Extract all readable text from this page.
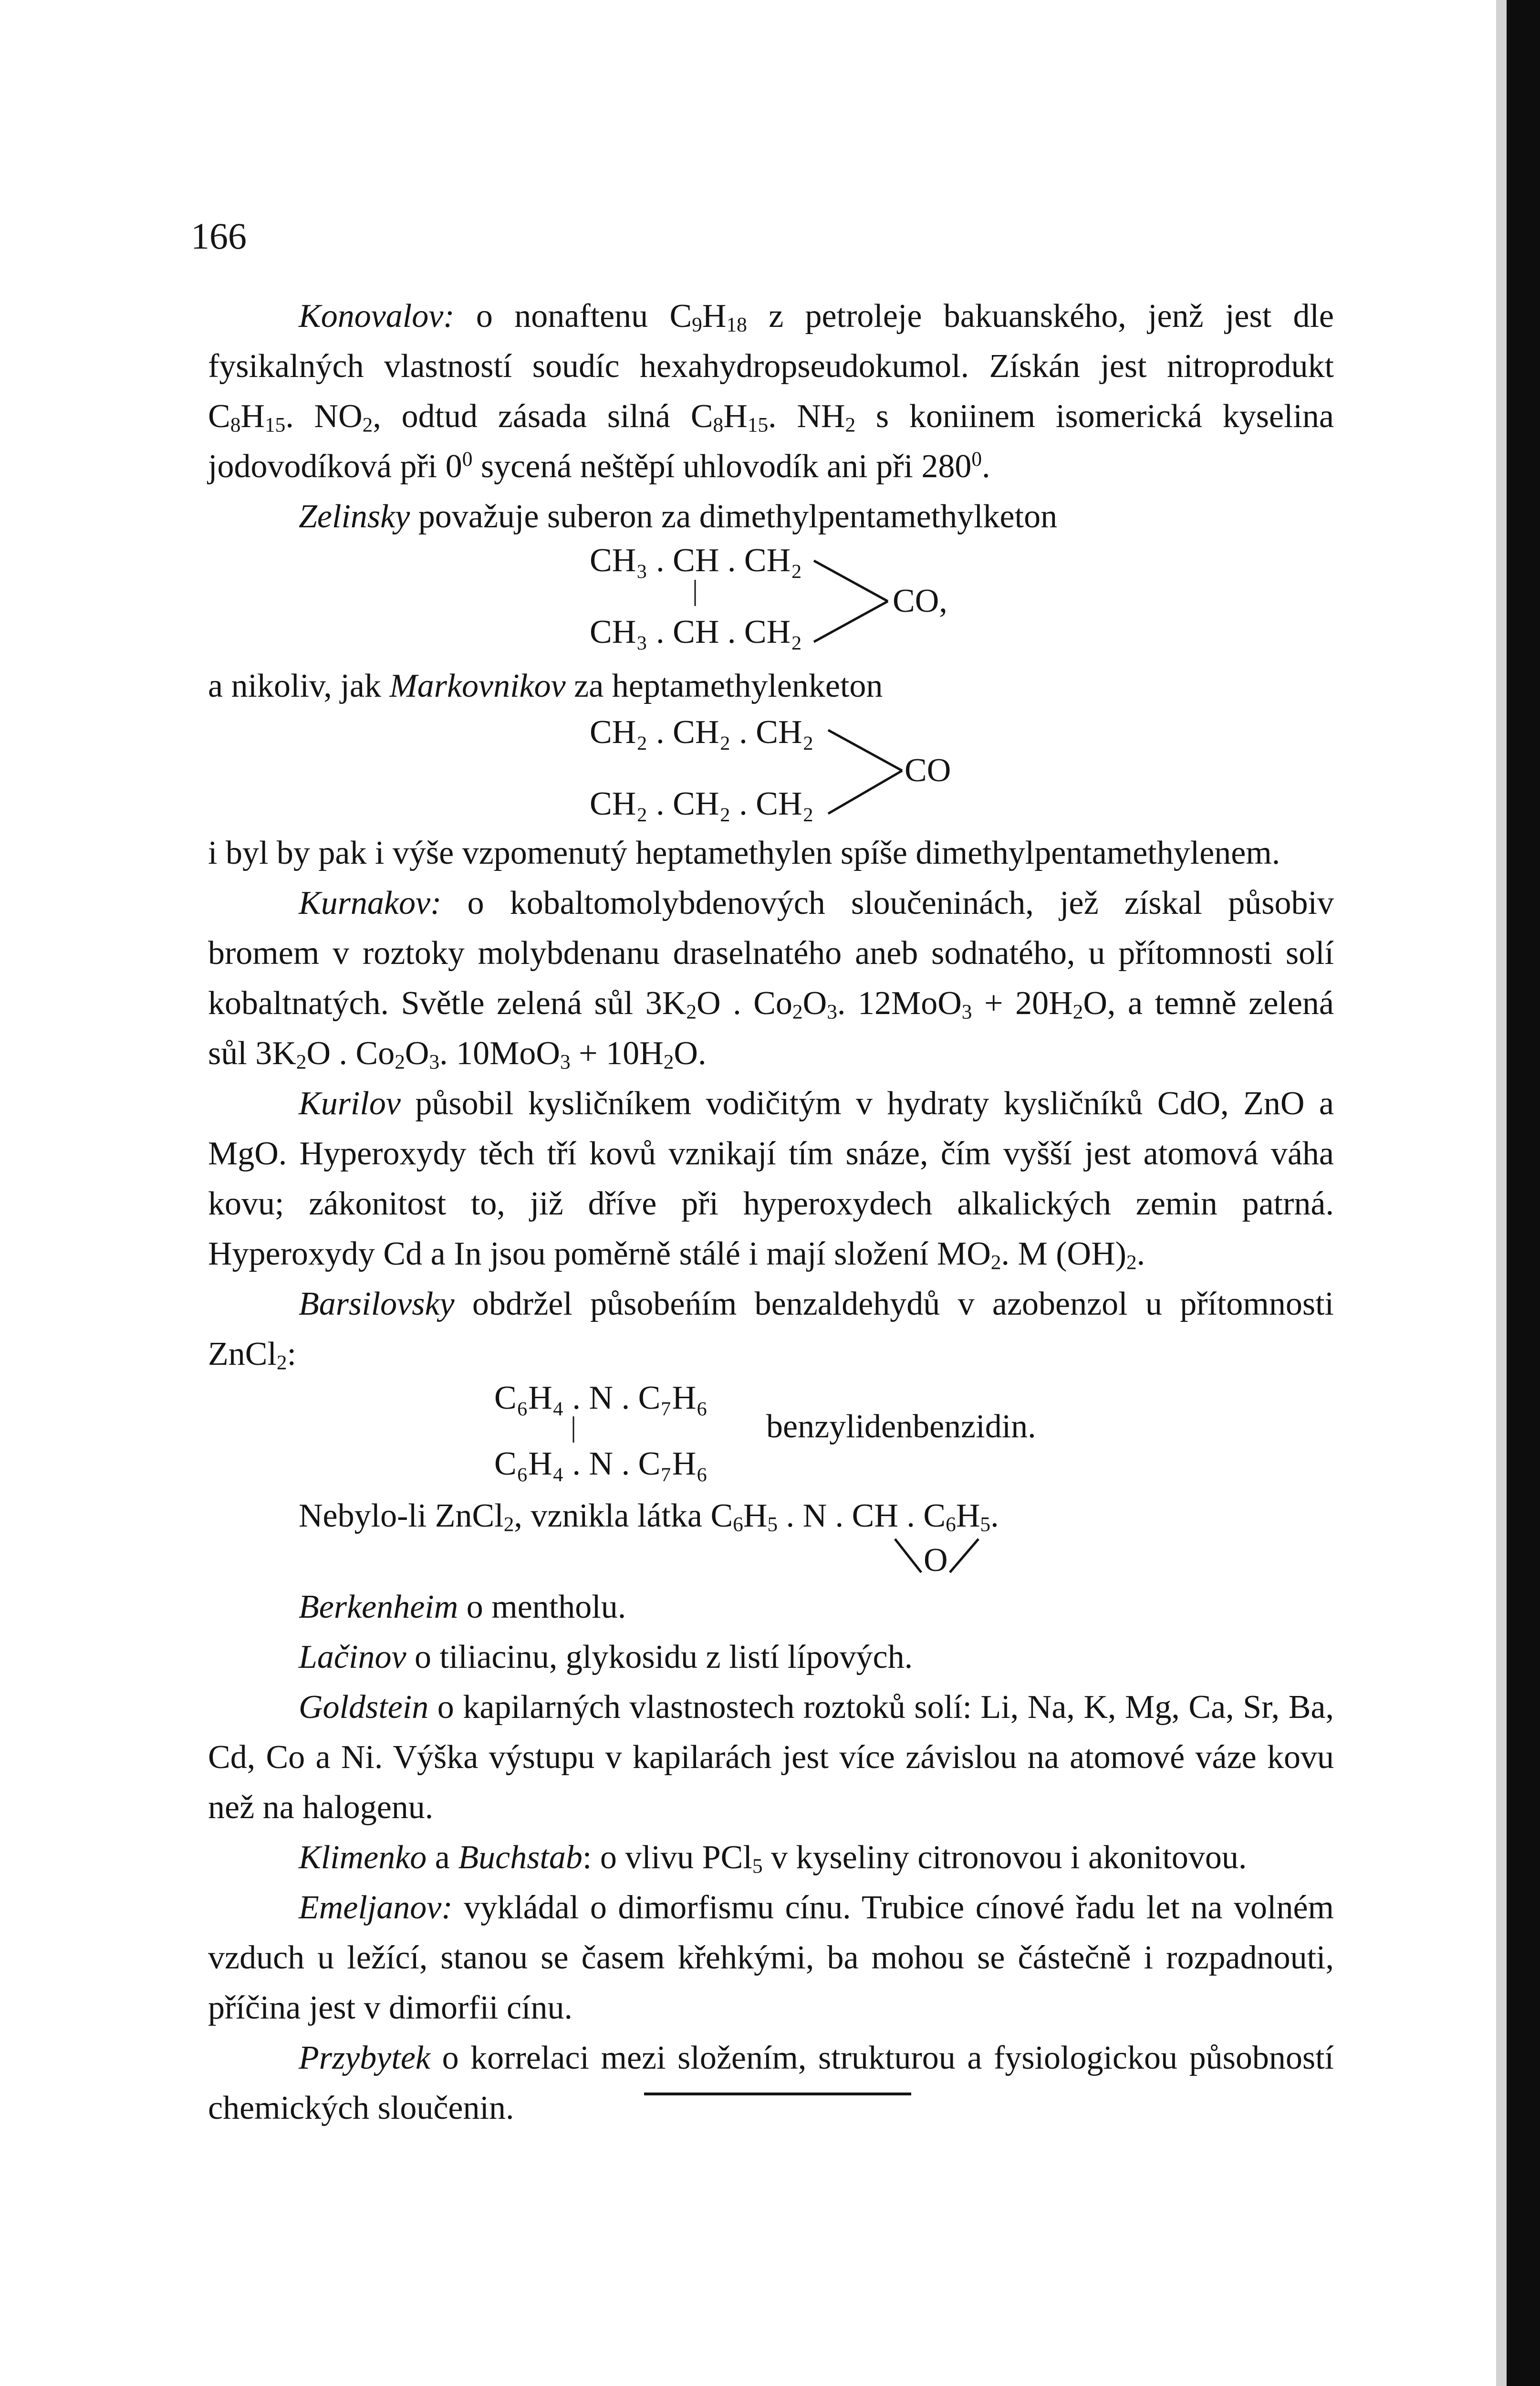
166

Konovalov: o nonaftenu $C_9H_{18}$ z petroleje bakuanského, jenž jest dle fysikalných vlastností soudíc hexahydropseudokumol. Získán jest nitroprodukt $C_8H_{15}$. $NO_2$, odtud zásada silná $C_8H_{15}$. $NH_2$ s koniinem isomerická kyselina jodovodíková při $0^0$ sycená neštěpí uhlovodík ani při $280^0$.

Zelinsky považuje suberon za dimethylpentamethylketon

CH₃ . CH . CH₂
|
CH₃ . CH . CH₂
CO,

a nikoliv, jak Markovnikov za heptamethylenketon

CH₂ . CH₂ . CH₂
CH₂ . CH₂ . CH₂
CO

i byl by pak i výše vzpomenutý heptamethylen spíše dimethylpentamethylenem.

Kurnakov: o kobaltomolybdenových sloučeninách, jež získal působiv bromem v roztoky molybdenanu draselnatého aneb sodnatého, u přítomnosti solí kobaltnatých. Světle zelená sůl $3K_2O$ . $Co_2O_3$. $12MoO_3 + 20H_2O$, a temně zelená sůl $3K_2O$ . $Co_2O_3$. $10MoO_3 + 10H_2O$.

Kurilov působil kysličníkem vodičitým v hydraty kysličníků CdO, ZnO a MgO. Hyperoxydy těch tří kovů vznikají tím snáze, čím vyšší jest atomová váha kovu; zákonitost to, již dříve při hyperoxydech alkalických zemin patrná. Hyperoxydy Cd a In jsou poměrně stálé i mají složení $MO_2$. M $(OH)_2$.

Barsilovsky obdržel působeńím benzaldehydů v azobenzol u přítomnosti ZnCl$_2$:

C₆H₄ . N . C₇H₆
|
C₆H₄ . N . C₇H₆
benzylidenbenzidin.
Nebylo-li ZnCl$_2$, vznikla látka $C_6H_5$ . N . CH . $C_6H_5$.
O

Berkenheim o mentholu.

Lačinov o tiliacinu, glykosidu z listí lípových.

Goldstein o kapilarných vlastnostech roztoků solí: Li, Na, K, Mg, Ca, Sr, Ba, Cd, Co a Ni. Výška výstupu v kapilarách jest více závislou na atomové váze kovu než na halogenu.

Klimenko a Buchstab: o vlivu PCl$_5$ v kyseliny citronovou i akonitovou.

Emeljanov: vykládal o dimorfismu cínu. Trubice cínové řadu let na volném vzduch u ležící, stanou se časem křehkými, ba mohou se částečně i rozpadnouti, příčina jest v dimorfii cínu.

Przybytek o korrelaci mezi složením, strukturou a fysiologickou působností chemických sloučenin.
